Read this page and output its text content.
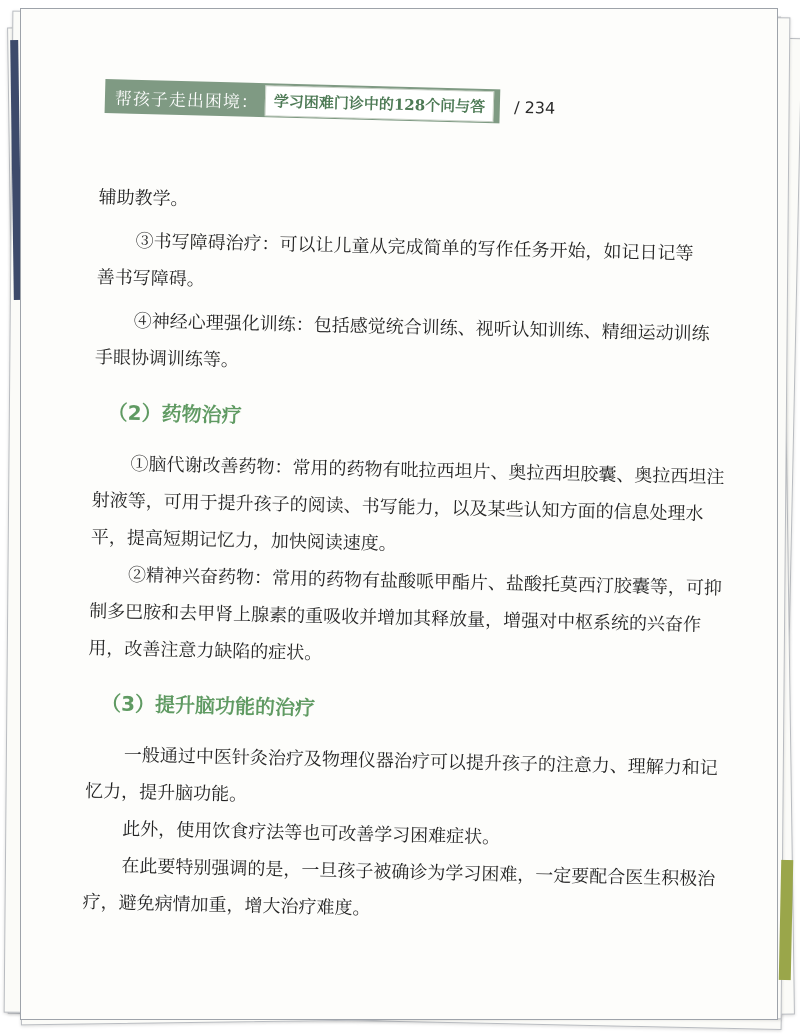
帮孩子走出困境： 学习困难门诊中的128个问与答	/ 234
辅助教学。
③书写障碍治疗：可以让儿童从完成简单的写作任务开始，如记日记等
善书写障碍。
④神经心理强化训练：包括感觉统合训练、视听认知训练、精细运动训练
手眼协调训练等。
（2）药物治疗
①脑代谢改善药物：常用的药物有吡拉西坦片、奥拉西坦胶囊、奥拉西坦注
射液等，可用于提升孩子的阅读、书写能力，以及某些认知方面的信息处理水
平，提高短期记忆力，加快阅读速度。
②精神兴奋药物：常用的药物有盐酸哌甲酯片、盐酸托莫西汀胶囊等，可抑
制多巴胺和去甲肾上腺素的重吸收并增加其释放量，增强对中枢系统的兴奋作
用，改善注意力缺陷的症状。
（3）提升脑功能的治疗
一般通过中医针灸治疗及物理仪器治疗可以提升孩子的注意力、理解力和记
忆力，提升脑功能。
此外，使用饮食疗法等也可改善学习困难症状。
在此要特别强调的是，一旦孩子被确诊为学习困难，一定要配合医生积极治
疗，避免病情加重，增大治疗难度。
